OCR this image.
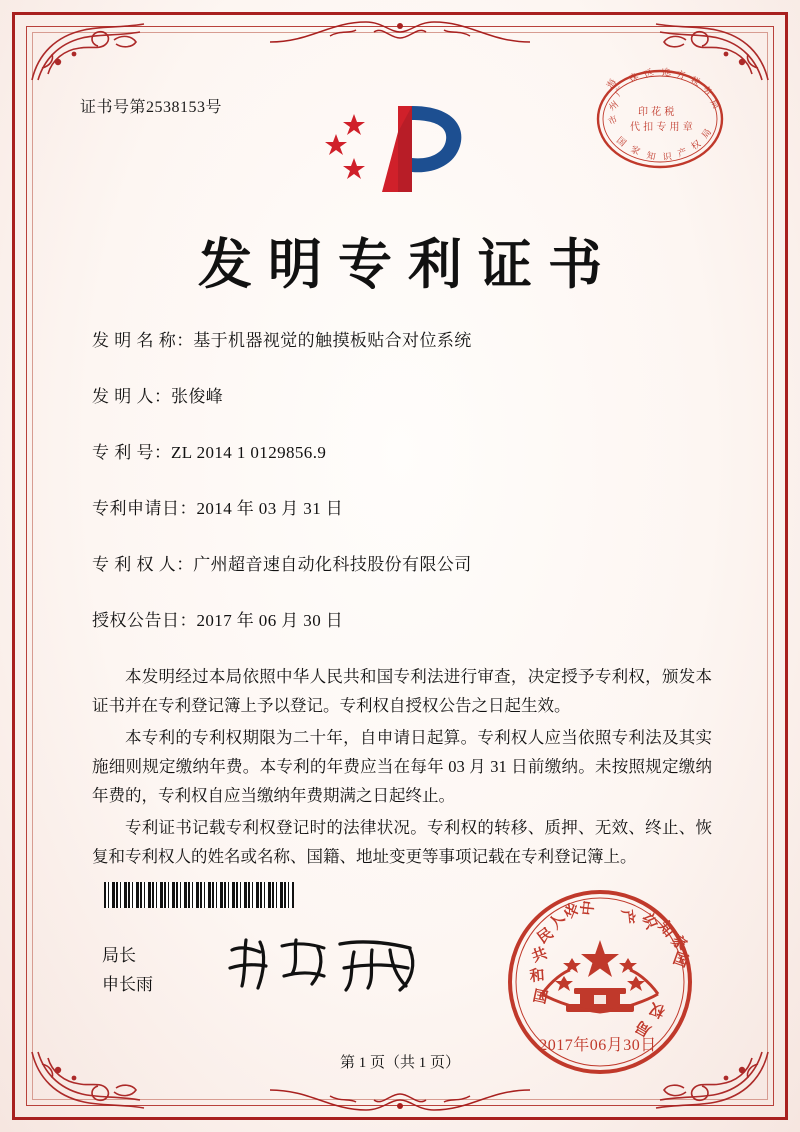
证书号第2538153号
广
州
市
海 珠 区 地 方 税
务
局
印 花 税
代 扣 专 用 章
国
家 知 识 产
权
局
发明专利证书
发 明 名 称 ： 基于机器视觉的触摸板贴合对位系统
发 明 人 ： 张俊峰
专 利 号 ： ZL 2014 1 0129856.9
专利申请日 ： 2014 年 03 月 31 日
专 利 权 人 ： 广州超音速自动化科技股份有限公司
授权公告日 ： 2017 年 06 月 30 日

本发明经过本局依照中华人民共和国专利法进行审查，决定授予专利权，颁发本证书并在专利登记簿上予以登记。专利权自授权公告之日起生效。

本专利的专利权期限为二十年，自申请日起算。专利权人应当依照专利法及其实施细则规定缴纳年费。本专利的年费应当在每年 03 月 31 日前缴纳。未按照规定缴纳年费的，专利权自应当缴纳年费期满之日起终止。

专利证书记载专利权登记时的法律状况。专利权的转移、质押、无效、终止、恢复和专利权人的姓名或名称、国籍、地址变更等事项记载在专利登记簿上。

局长
申长雨
中
华
人
民
共
和
国
国
家
知
识
产
权
局
2017年06月30日
第 1 页（共 1 页）
